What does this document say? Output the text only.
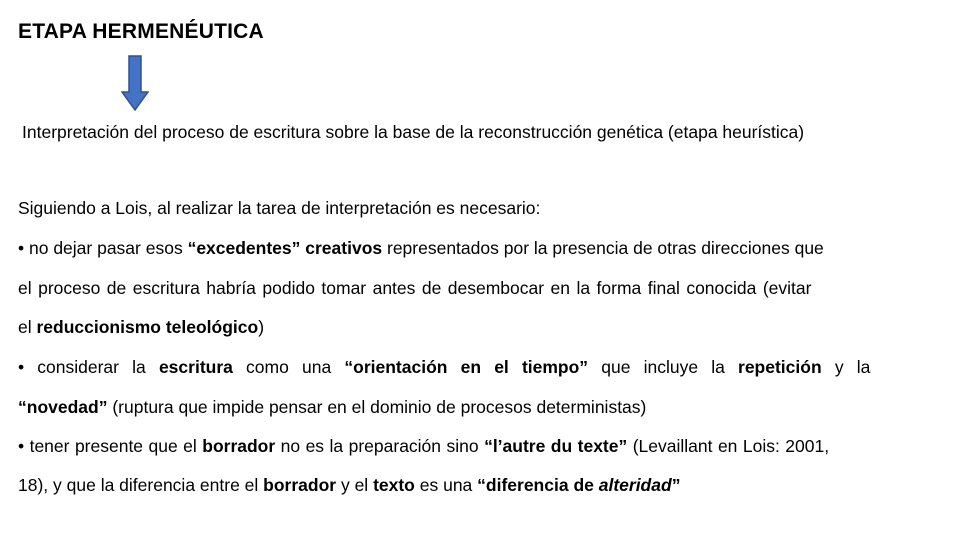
ETAPA HERMENÉUTICA
Interpretación del proceso de escritura sobre la base de la reconstrucción genética (etapa heurística)
Siguiendo a Lois, al realizar la tarea de interpretación es necesario:
• no dejar pasar esos “excedentes” creativos representados por la presencia de otras direcciones que
el proceso de escritura habría podido tomar antes de desembocar en la forma final conocida (evitar
el reduccionismo teleológico)
• considerar la escritura como una “orientación en el tiempo” que incluye la repetición y la
“novedad” (ruptura que impide pensar en el dominio de procesos deterministas)
• tener presente que el borrador no es la preparación sino “l’autre du texte” (Levaillant en Lois: 2001,
18), y que la diferencia entre el borrador y el texto es una “diferencia de alteridad”
